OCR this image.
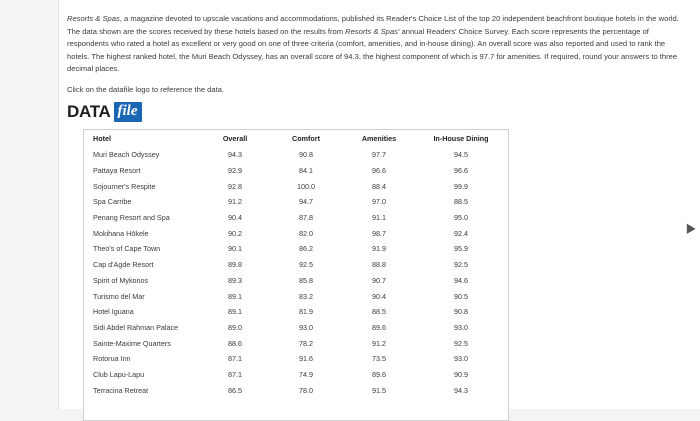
Resorts & Spas, a magazine devoted to upscale vacations and accommodations, published its Reader's Choice List of the top 20 independent beachfront boutique hotels in the world. The data shown are the scores received by these hotels based on the results from Resorts & Spas' annual Readers' Choice Survey. Each score represents the percentage of respondents who rated a hotel as excellent or very good on one of three criteria (comfort, amenities, and in-house dining). An overall score was also reported and used to rank the hotels. The highest ranked hotel, the Muri Beach Odyssey, has an overall score of 94.3, the highest component of which is 97.7 for amenities. If required, round your answers to three decimal places.
Click on the datafile logo to reference the data.
DATA file
Hotel	Overall	Comfort	Amenities	In-House Dining
Muri Beach Odyssey	94.3	90.8	97.7	94.5
Pattaya Resort	92.9	84.1	96.6	96.6
Sojourner's Respite	92.8	100.0	88.4	99.9
Spa Carribe	91.2	94.7	97.0	88.5
Penang Resort and Spa	90.4	87.8	91.1	95.0
Mokihana Hōkele	90.2	82.0	98.7	92.4
Theo's of Cape Town	90.1	86.2	91.9	95.9
Cap d'Agde Resort	89.8	92.5	88.8	92.5
Spirit of Mykonos	89.3	85.8	90.7	94.6
Turismo del Mar	89.1	83.2	90.4	90.5
Hotel Iguana	89.1	81.9	88.5	90.8
Sidi Abdel Rahman Palace	89.0	93.0	89.6	93.0
Sainte-Maxime Quarters	88.6	78.2	91.2	92.5
Rotorua Inn	87.1	91.6	73.5	93.0
Club Lapu-Lapu	87.1	74.9	89.6	90.9
Terracina Retreat	86.5	78.0	91.5	94.3
